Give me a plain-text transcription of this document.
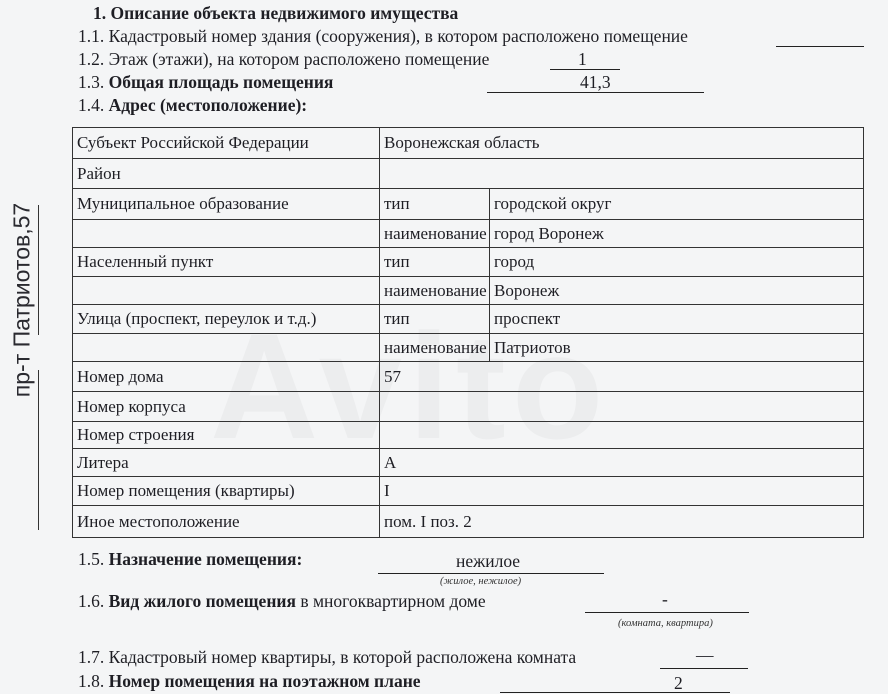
пр-т Патриотов,57
1. Описание объекта недвижимого имущества
1.1. Кадастровый номер здания (сооружения), в котором расположено помещение
1.2. Этаж (этажи), на котором расположено помещение	1
1.3. Общая площадь помещения	41,3
1.4. Адрес (местоположение):
Субъект Российской Федерации	Воронежская область	
Район		
Муниципальное образование	тип	городской округ
	наименование	город Воронеж
Населенный пункт	тип	город
	наименование	Воронеж
Улица (проспект, переулок и т.д.)	тип	проспект
	наименование	Патриотов
Номер дома	57	
Номер корпуса		
Номер строения		
Литера	А	
Номер помещения (квартиры)	I	
Иное местоположение	пом. I поз. 2	
1.5. Назначение помещения:	нежилое
(жилое, нежилое)
1.6. Вид жилого помещения в многоквартирном доме	-
(комната, квартира)
1.7. Кадастровый номер квартиры, в которой расположена комната	—
1.8. Номер помещения на поэтажном плане	2
